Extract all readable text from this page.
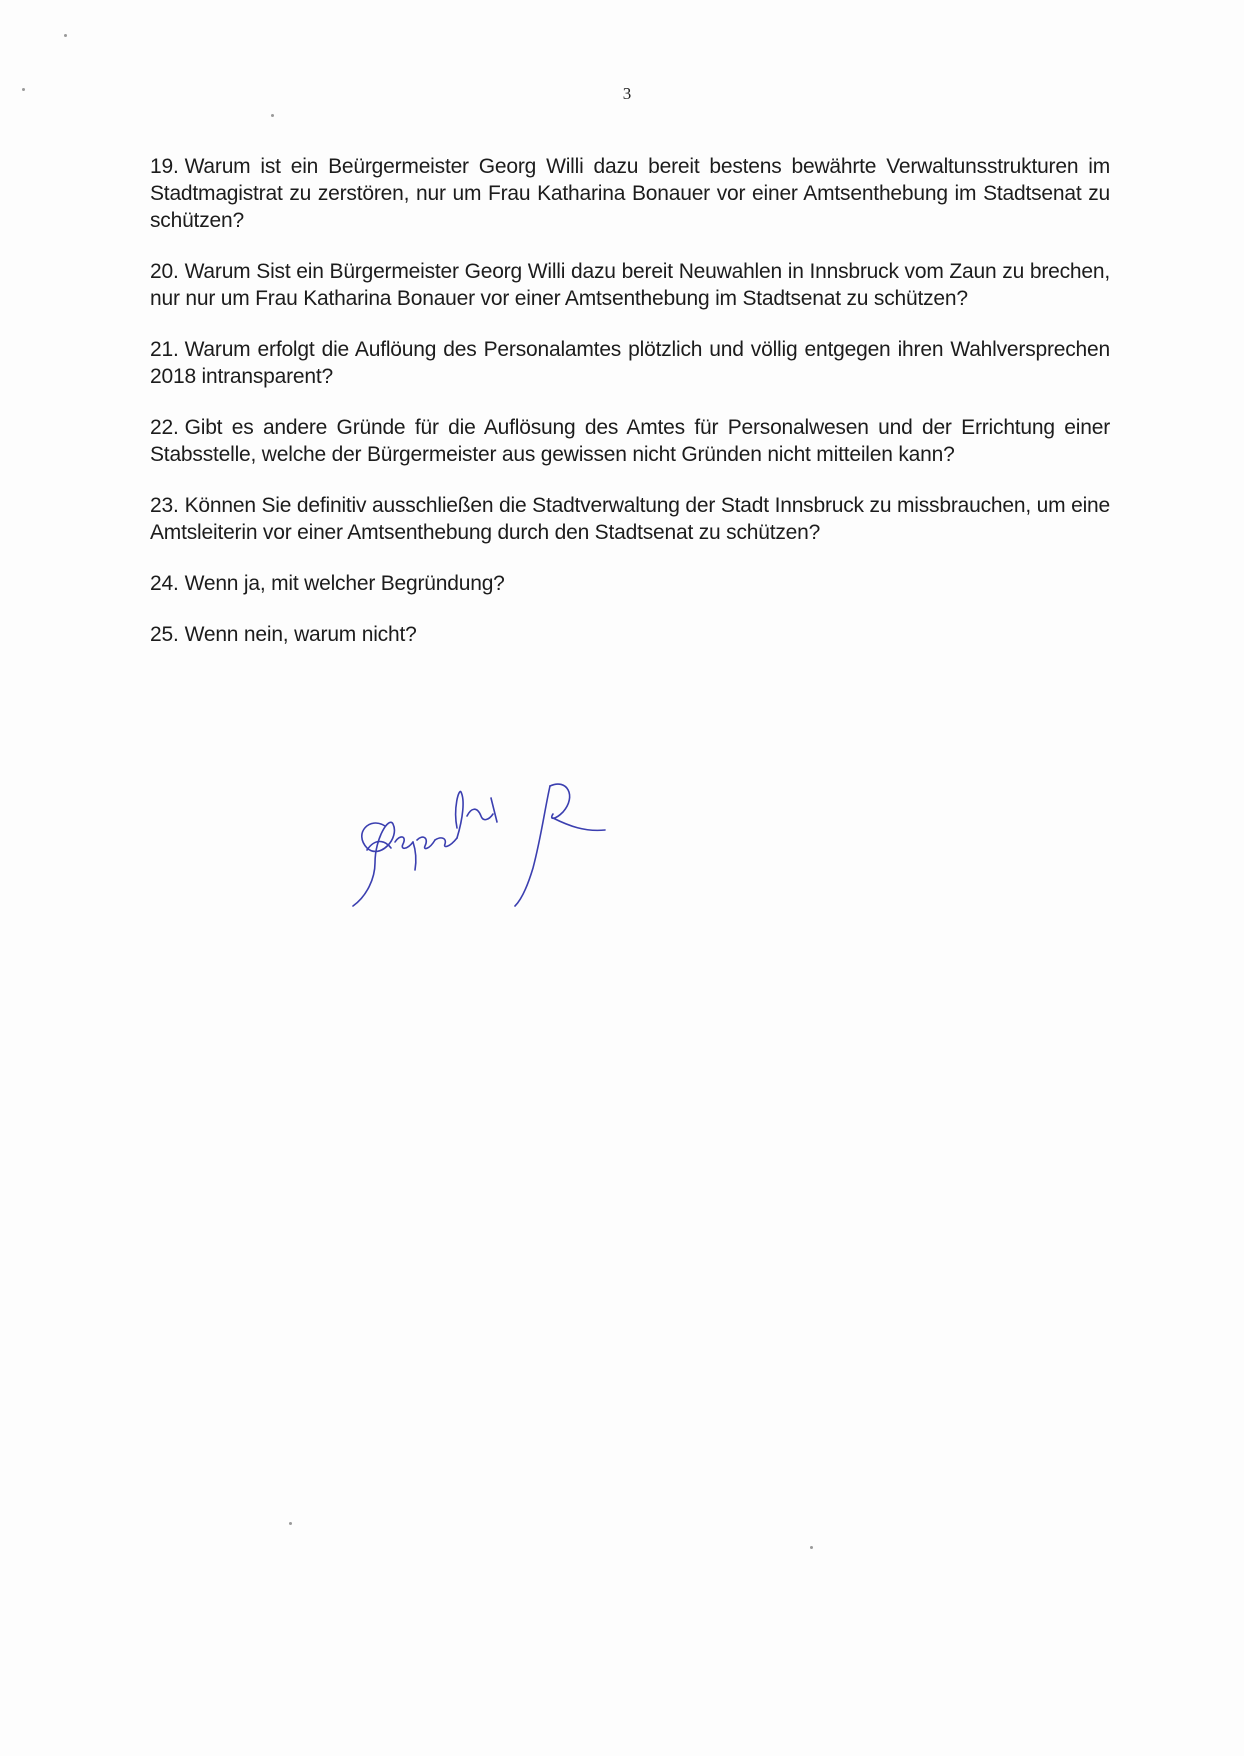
3
19. Warum ist ein Beürgermeister Georg Willi dazu bereit bestens bewährte Verwaltunsstrukturen im Stadtmagistrat zu zerstören, nur um Frau Katharina Bonauer vor einer Amtsenthebung im Stadtsenat zu schützen?
20. Warum Sist ein Bürgermeister Georg Willi dazu bereit Neuwahlen in Innsbruck vom Zaun zu brechen, nur nur um Frau Katharina Bonauer vor einer Amtsenthebung im Stadtsenat zu schützen?
21. Warum erfolgt die Auflöung des Personalamtes plötzlich und völlig entgegen ihren Wahlversprechen 2018 intransparent?
22. Gibt es andere Gründe für die Auflösung des Amtes für Personalwesen und der Errichtung einer Stabsstelle, welche der Bürgermeister aus gewissen nicht Gründen nicht mitteilen kann?
23. Können Sie definitiv ausschließen die Stadtverwaltung der Stadt Innsbruck zu missbrauchen, um eine Amtsleiterin vor einer Amtsenthebung durch den Stadtsenat zu schützen?
24. Wenn ja, mit welcher Begründung?
25. Wenn nein, warum nicht?
